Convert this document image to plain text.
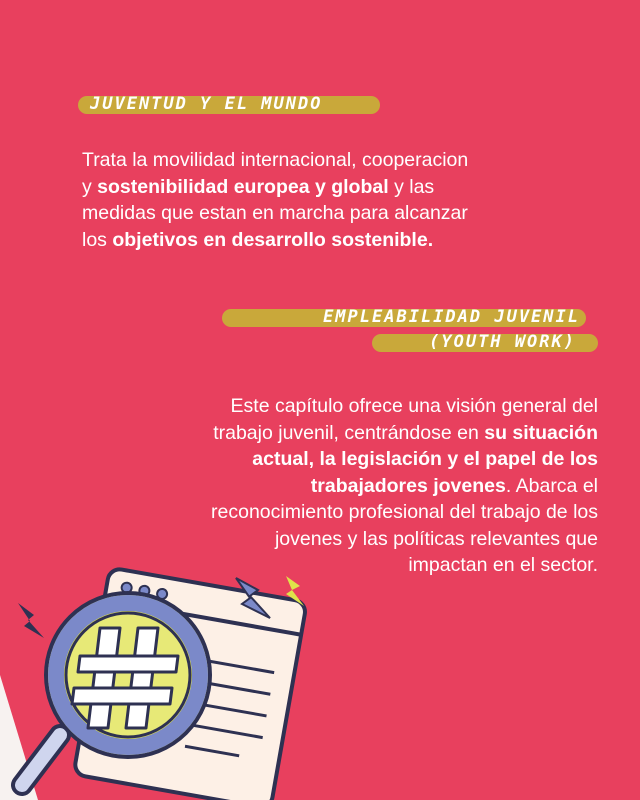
JUVENTUD Y EL MUNDO
Trata la movilidad internacional, cooperacion
y sostenibilidad europea y global y las
medidas que estan en marcha para alcanzar
los objetivos en desarrollo sostenible.
EMPLEABILIDAD JUVENIL
(YOUTH WORK)
Este capítulo ofrece una visión general del
trabajo juvenil, centrándose en su situación
actual, la legislación y el papel de los
trabajadores jovenes. Abarca el
reconocimiento profesional del trabajo de los
jovenes y las políticas relevantes que
impactan en el sector.
